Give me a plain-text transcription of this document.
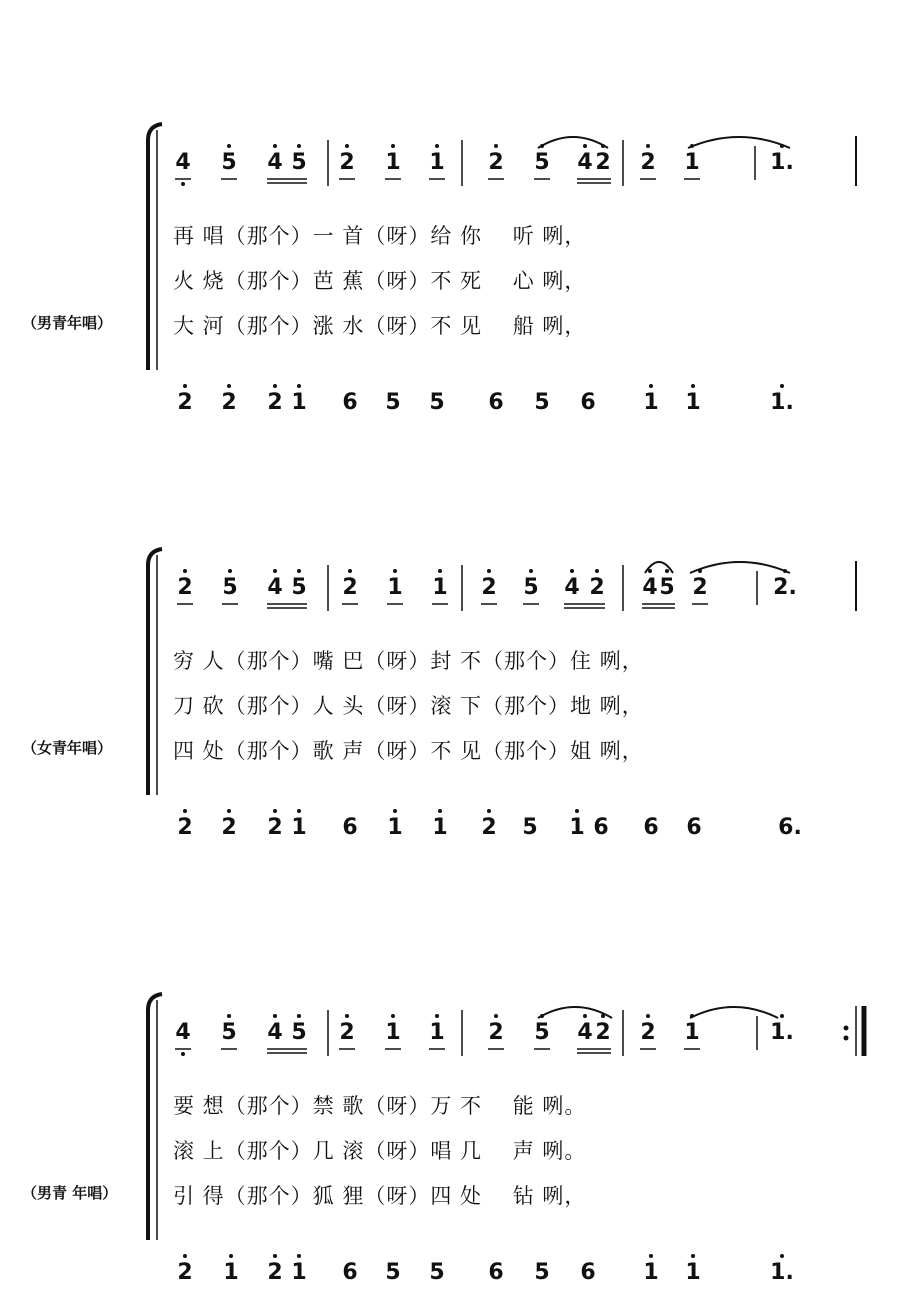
4 5 4 5 2 1 1 2 5 4 2 2 1	1.
2 2 2 1 6 5 5 6 5 6 1 1	1.
再 唱（那个）一 首（呀）给 你    听 咧，
火 烧（那个）芭 蕉（呀）不 死    心 咧，
大 河（那个）涨 水（呀）不 见    船 咧，
（男青年唱）
2 5 4 5 2 1 1 2 5 4 2 4 5 2	2.
2 2 2 1 6 1 1 2 5 1 6 6 6	6.
穷 人（那个）嘴 巴（呀）封 不（那个）住 咧，
刀 砍（那个）人 头（呀）滚 下（那个）地 咧，
四 处（那个）歌 声（呀）不 见（那个）姐 咧，
（女青年唱）
4 5 4 5 2 1 1 2 5 4 2 2 1	1.
2 1 2 1 6 5 5 6 5 6 1 1	1.
要 想（那个）禁 歌（呀）万 不    能 咧。
滚 上（那个）几 滚（呀）唱 几    声 咧。
引 得（那个）狐 狸（呀）四 处    钻 咧，
（男青 年唱）
